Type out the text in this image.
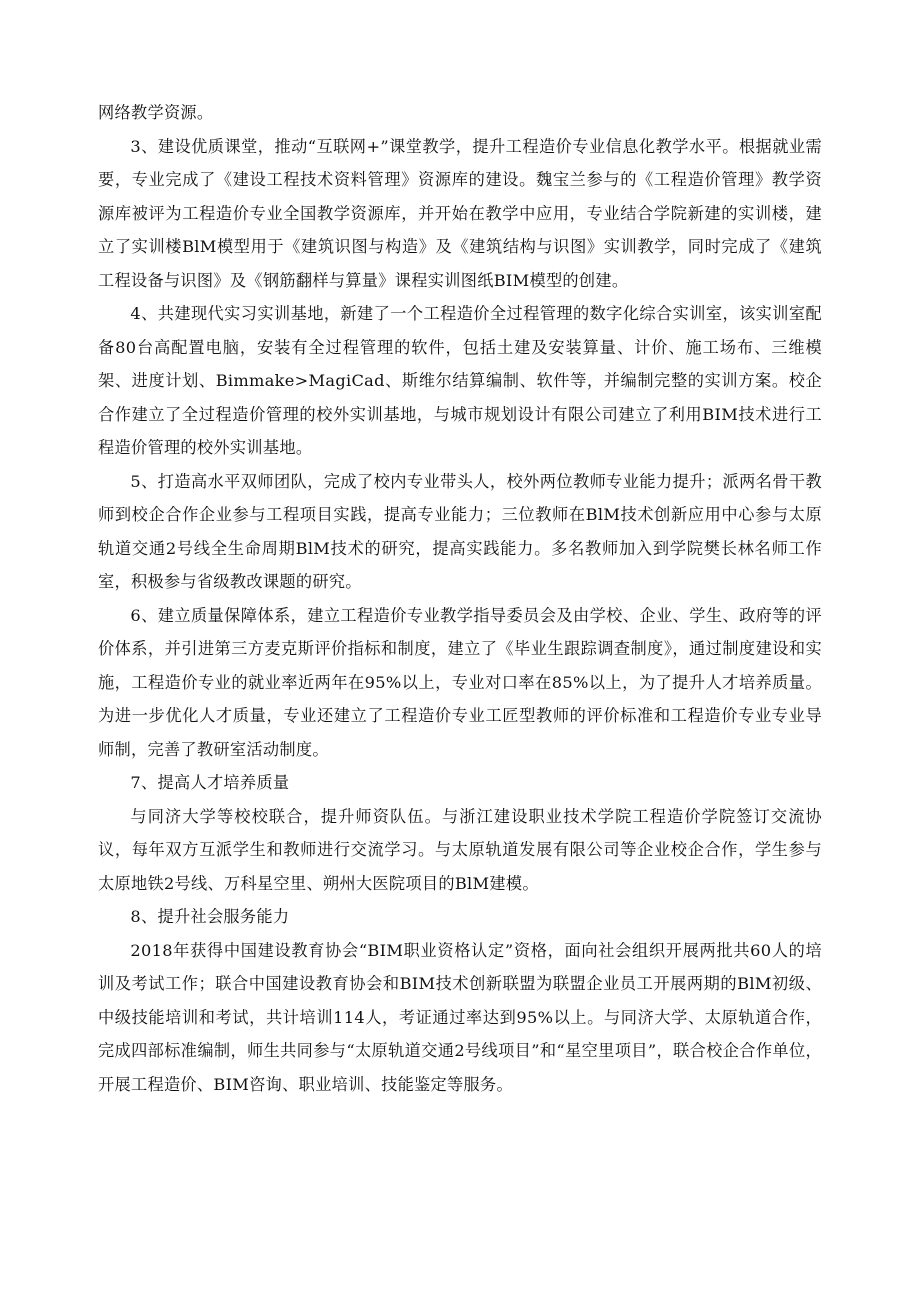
网络教学资源。

3、建设优质课堂，推动“互联网+”课堂教学，提升工程造价专业信息化教学水平。根据就业需要，专业完成了《建设工程技术资料管理》资源库的建设。魏宝兰参与的《工程造价管理》教学资源库被评为工程造价专业全国教学资源库，并开始在教学中应用，专业结合学院新建的实训楼，建立了实训楼BlM模型用于《建筑识图与构造》及《建筑结构与识图》实训教学，同时完成了《建筑工程设备与识图》及《钢筋翻样与算量》课程实训图纸BIM模型的创建。

4、共建现代实习实训基地，新建了一个工程造价全过程管理的数字化综合实训室，该实训室配备80台高配置电脑，安装有全过程管理的软件，包括土建及安装算量、计价、施工场布、三维模架、进度计划、Bimmake>MagiCad、斯维尔结算编制、软件等，并编制完整的实训方案。校企合作建立了全过程造价管理的校外实训基地，与城市规划设计有限公司建立了利用BIM技术进行工程造价管理的校外实训基地。

5、打造高水平双师团队，完成了校内专业带头人，校外两位教师专业能力提升；派两名骨干教师到校企合作企业参与工程项目实践，提高专业能力；三位教师在BlM技术创新应用中心参与太原轨道交通2号线全生命周期BlM技术的研究，提高实践能力。多名教师加入到学院樊长林名师工作室，积极参与省级教改课题的研究。

6、建立质量保障体系，建立工程造价专业教学指导委员会及由学校、企业、学生、政府等的评价体系，并引进第三方麦克斯评价指标和制度，建立了《毕业生跟踪调查制度》，通过制度建设和实施，工程造价专业的就业率近两年在95%以上，专业对口率在85%以上，为了提升人才培养质量。为进一步优化人才质量，专业还建立了工程造价专业工匠型教师的评价标准和工程造价专业专业导师制，完善了教研室活动制度。

7、提高人才培养质量

与同济大学等校校联合，提升师资队伍。与浙江建设职业技术学院工程造价学院签订交流协议，每年双方互派学生和教师进行交流学习。与太原轨道发展有限公司等企业校企合作，学生参与太原地铁2号线、万科星空里、朔州大医院项目的BlM建模。

8、提升社会服务能力

2018年获得中国建设教育协会“BIM职业资格认定”资格，面向社会组织开展两批共60人的培训及考试工作；联合中国建设教育协会和BIM技术创新联盟为联盟企业员工开展两期的BlM初级、中级技能培训和考试，共计培训114人，考证通过率达到95%以上。与同济大学、太原轨道合作，完成四部标准编制，师生共同参与“太原轨道交通2号线项目”和“星空里项目”，联合校企合作单位，开展工程造价、BIM咨询、职业培训、技能鉴定等服务。
